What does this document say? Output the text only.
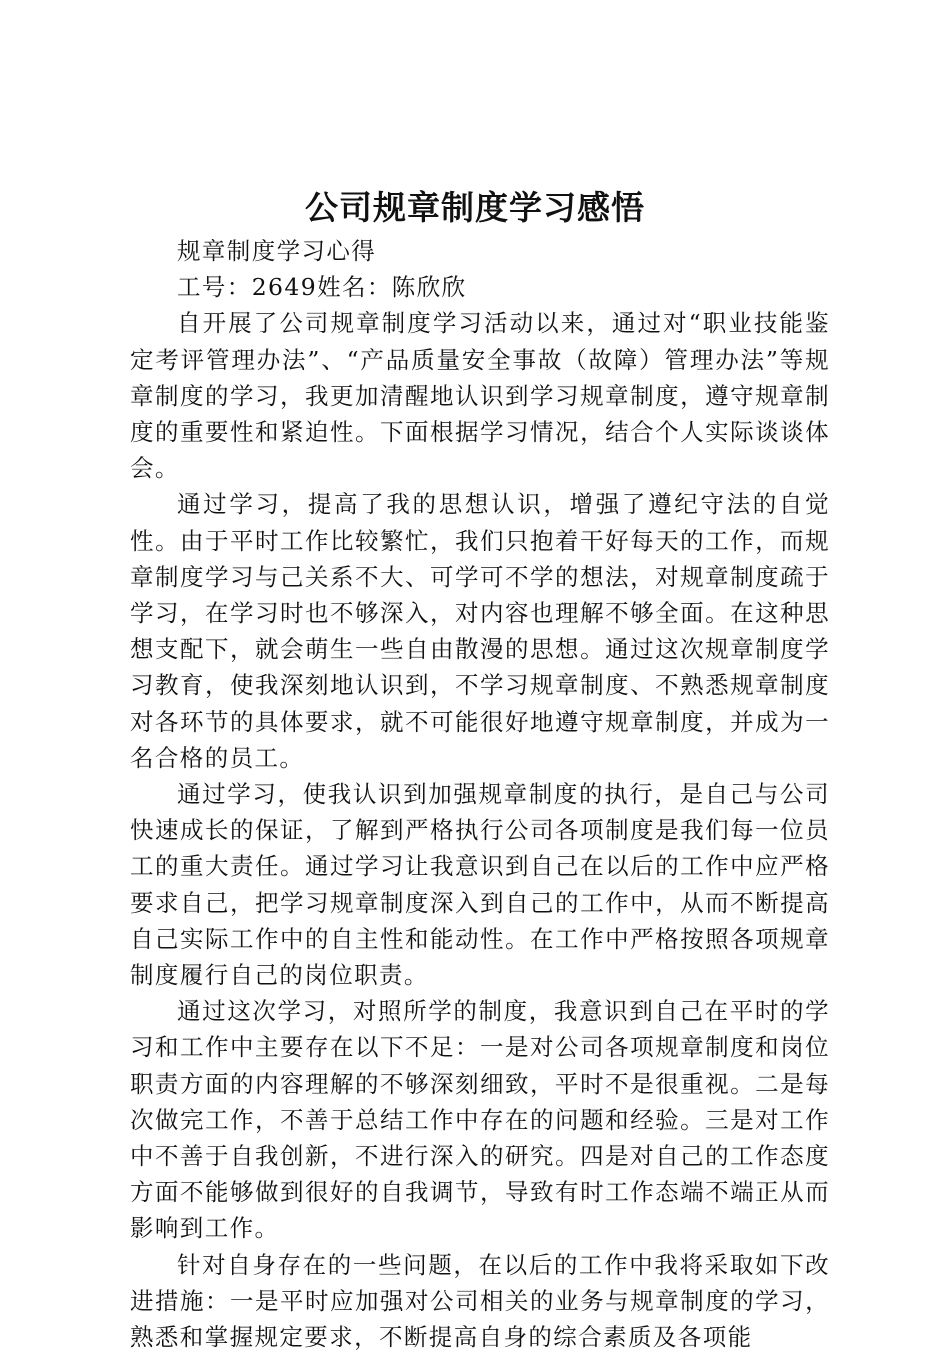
公司规章制度学习感悟

规章制度学习心得

工号：2649姓名：陈欣欣

自开展了公司规章制度学习活动以来，通过对“职业技能鉴定考评管理办法”、“产品质量安全事故（故障）管理办法”等规章制度的学习，我更加清醒地认识到学习规章制度，遵守规章制度的重要性和紧迫性。下面根据学习情况，结合个人实际谈谈体会。

通过学习，提高了我的思想认识，增强了遵纪守法的自觉性。由于平时工作比较繁忙，我们只抱着干好每天的工作，而规章制度学习与己关系不大、可学可不学的想法，对规章制度疏于学习，在学习时也不够深入，对内容也理解不够全面。在这种思想支配下，就会萌生一些自由散漫的思想。通过这次规章制度学习教育，使我深刻地认识到，不学习规章制度、不熟悉规章制度对各环节的具体要求，就不可能很好地遵守规章制度，并成为一名合格的员工。

通过学习，使我认识到加强规章制度的执行，是自己与公司快速成长的保证，了解到严格执行公司各项制度是我们每一位员工的重大责任。通过学习让我意识到自己在以后的工作中应严格要求自己，把学习规章制度深入到自己的工作中，从而不断提高自己实际工作中的自主性和能动性。在工作中严格按照各项规章制度履行自己的岗位职责。

通过这次学习，对照所学的制度，我意识到自己在平时的学习和工作中主要存在以下不足：一是对公司各项规章制度和岗位职责方面的内容理解的不够深刻细致，平时不是很重视。二是每次做完工作，不善于总结工作中存在的问题和经验。三是对工作中不善于自我创新，不进行深入的研究。四是对自己的工作态度方面不能够做到很好的自我调节，导致有时工作态端不端正从而影响到工作。

针对自身存在的一些问题，在以后的工作中我将采取如下改进措施：一是平时应加强对公司相关的业务与规章制度的学习，熟悉和掌握规定要求，不断提高自身的综合素质及各项能
